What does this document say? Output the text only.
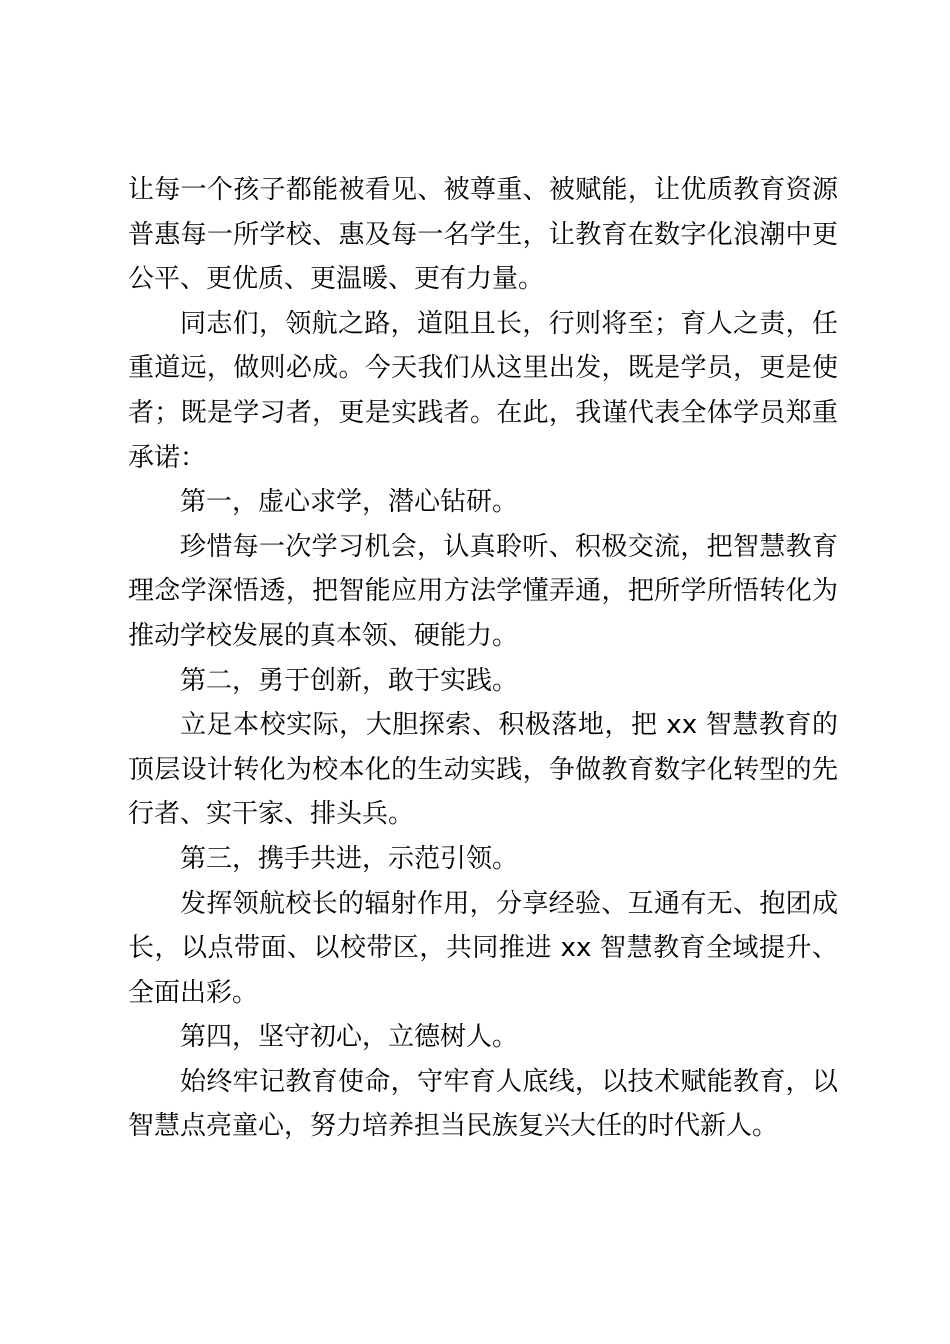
让每一个孩子都能被看见、被尊重、被赋能，让优质教育资源普惠每一所学校、惠及每一名学生，让教育在数字化浪潮中更公平、更优质、更温暖、更有力量。

同志们，领航之路，道阻且长，行则将至；育人之责，任重道远，做则必成。今天我们从这里出发，既是学员，更是使者；既是学习者，更是实践者。在此，我谨代表全体学员郑重承诺：

第一，虚心求学，潜心钻研。

珍惜每一次学习机会，认真聆听、积极交流，把智慧教育理念学深悟透，把智能应用方法学懂弄通，把所学所悟转化为推动学校发展的真本领、硬能力。

第二，勇于创新，敢于实践。

立足本校实际，大胆探索、积极落地，把 xx 智慧教育的顶层设计转化为校本化的生动实践，争做教育数字化转型的先行者、实干家、排头兵。

第三，携手共进，示范引领。

发挥领航校长的辐射作用，分享经验、互通有无、抱团成长，以点带面、以校带区，共同推进 xx 智慧教育全域提升、全面出彩。

第四，坚守初心，立德树人。

始终牢记教育使命，守牢育人底线，以技术赋能教育，以智慧点亮童心，努力培养担当民族复兴大任的时代新人。
